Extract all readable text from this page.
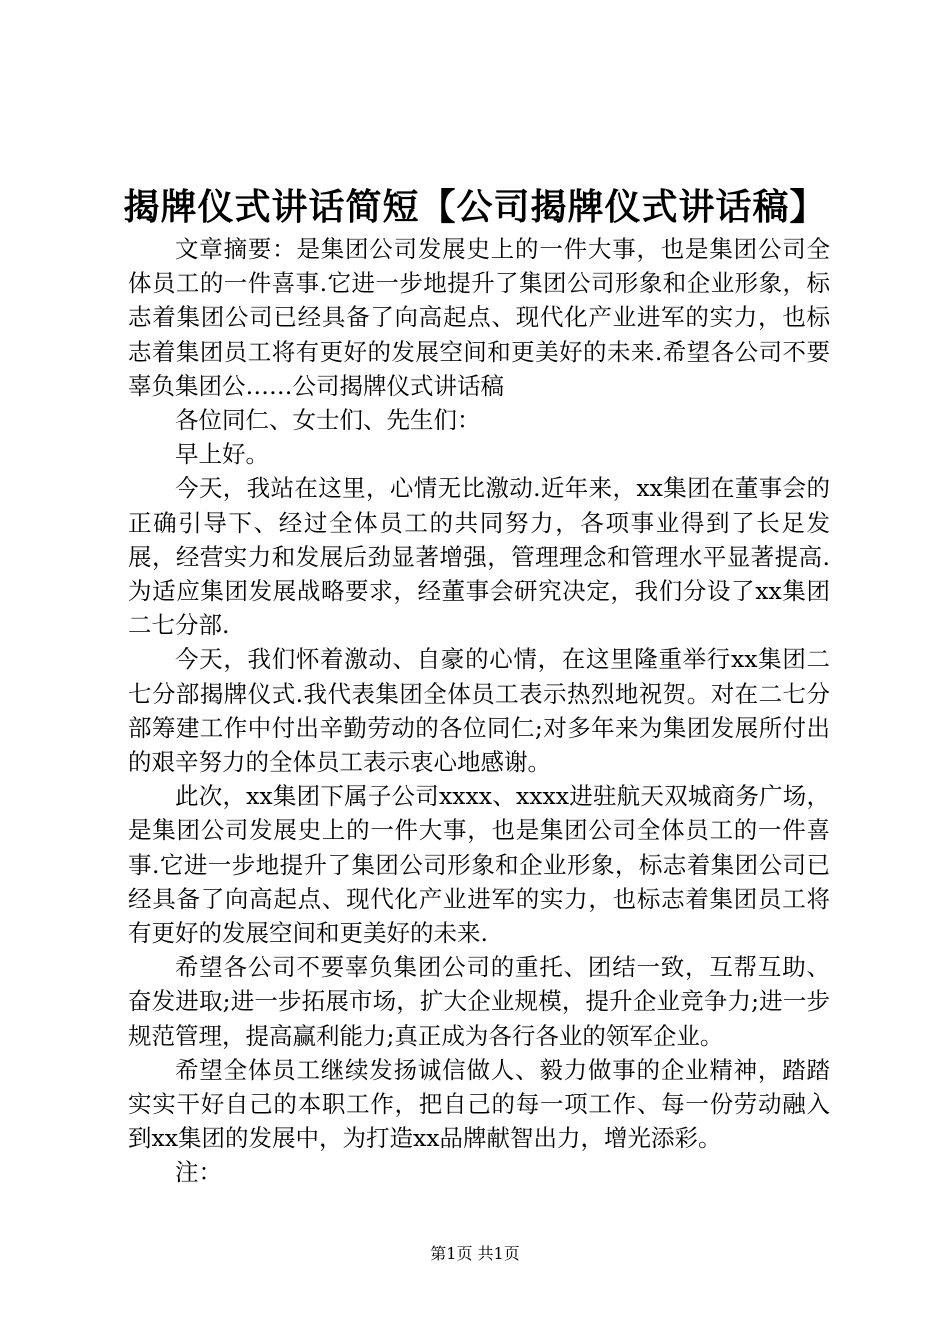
揭牌仪式讲话简短【公司揭牌仪式讲话稿】

文章摘要：是集团公司发展史上的一件大事，也是集团公司全体员工的一件喜事.它进一步地提升了集团公司形象和企业形象，标志着集团公司已经具备了向高起点、现代化产业进军的实力，也标志着集团员工将有更好的发展空间和更美好的未来.希望各公司不要辜负集团公……公司揭牌仪式讲话稿

各位同仁、女士们、先生们：

早上好。

今天，我站在这里，心情无比激动.近年来，xx集团在董事会的正确引导下、经过全体员工的共同努力，各项事业得到了长足发展，经营实力和发展后劲显著增强，管理理念和管理水平显著提高.为适应集团发展战略要求，经董事会研究决定，我们分设了xx集团二七分部.

今天，我们怀着激动、自豪的心情，在这里隆重举行xx集团二七分部揭牌仪式.我代表集团全体员工表示热烈地祝贺。对在二七分部筹建工作中付出辛勤劳动的各位同仁;对多年来为集团发展所付出的艰辛努力的全体员工表示衷心地感谢。

此次，xx集团下属子公司xxxx、xxxx进驻航天双城商务广场，是集团公司发展史上的一件大事，也是集团公司全体员工的一件喜事.它进一步地提升了集团公司形象和企业形象，标志着集团公司已经具备了向高起点、现代化产业进军的实力，也标志着集团员工将有更好的发展空间和更美好的未来.

希望各公司不要辜负集团公司的重托、团结一致，互帮互助、奋发进取;进一步拓展市场，扩大企业规模，提升企业竞争力;进一步规范管理，提高赢利能力;真正成为各行各业的领军企业。

希望全体员工继续发扬诚信做人、毅力做事的企业精神，踏踏实实干好自己的本职工作，把自己的每一项工作、每一份劳动融入到xx集团的发展中，为打造xx品牌献智出力，增光添彩。

注：

第1页 共1页
